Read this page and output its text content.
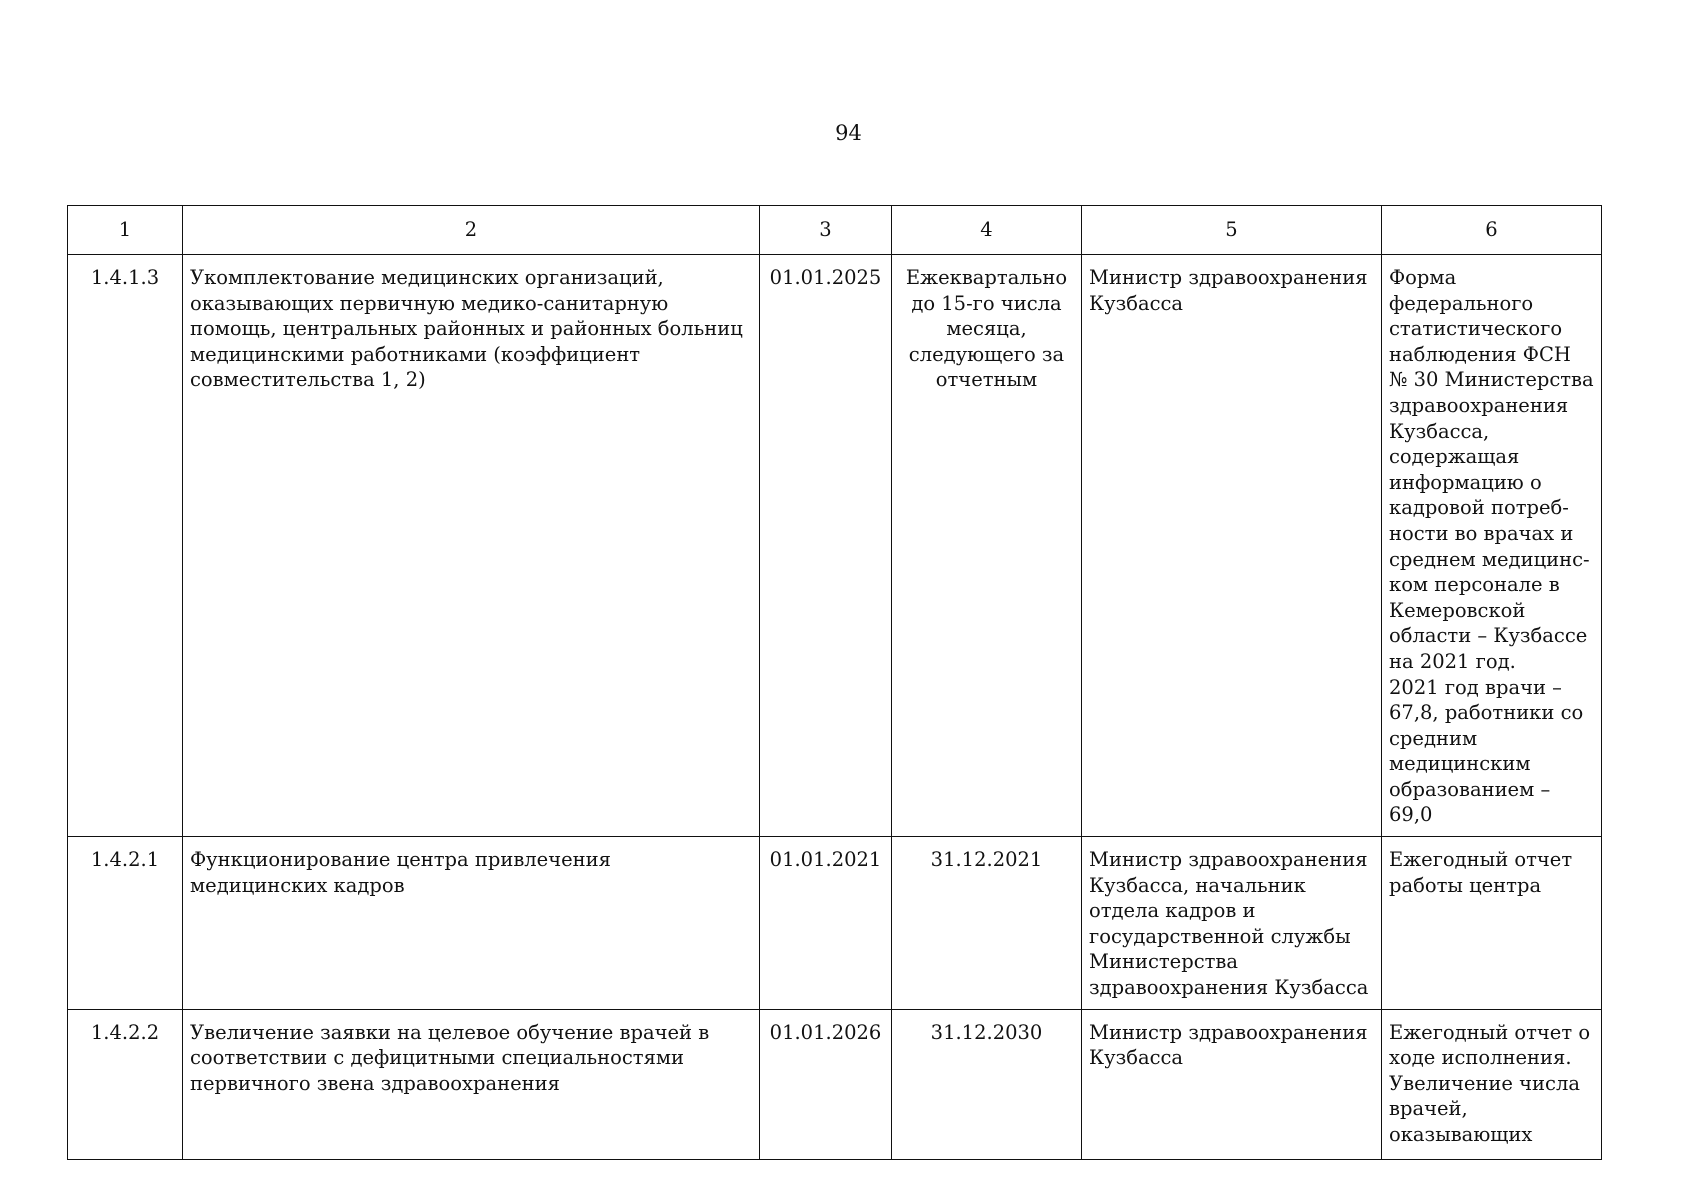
94
1	2	3	4	5	6
1.4.1.3	Укомплектование медицинских организаций, оказывающих первичную медико-санитарную помощь, центральных районных и районных больниц медицинскими работниками (коэффициент совместительства 1, 2)	01.01.2025	Ежеквартально до 15-го числа месяца, следующего за отчетным	Министр здравоохранения Кузбасса	Форма федерального статистического наблюдения ФСН № 30 Министерства здравоохранения Кузбасса, содержащая информацию о кадровой потреб-ности во врачах и среднем медицинс-ком персонале в Кемеровской области – Кузбассе на 2021 год.
2021 год врачи – 67,8, работники со средним медицинским образованием – 69,0
1.4.2.1	Функционирование центра привлечения медицинских кадров	01.01.2021	31.12.2021	Министр здравоохранения Кузбасса, начальник отдела кадров и государственной службы Министерства здравоохранения Кузбасса	Ежегодный отчет работы центра
1.4.2.2	Увеличение заявки на целевое обучение врачей в соответствии с дефицитными специальностями первичного звена здравоохранения	01.01.2026	31.12.2030	Министр здравоохранения Кузбасса	Ежегодный отчет о ходе исполнения. Увеличение числа врачей, оказывающих
